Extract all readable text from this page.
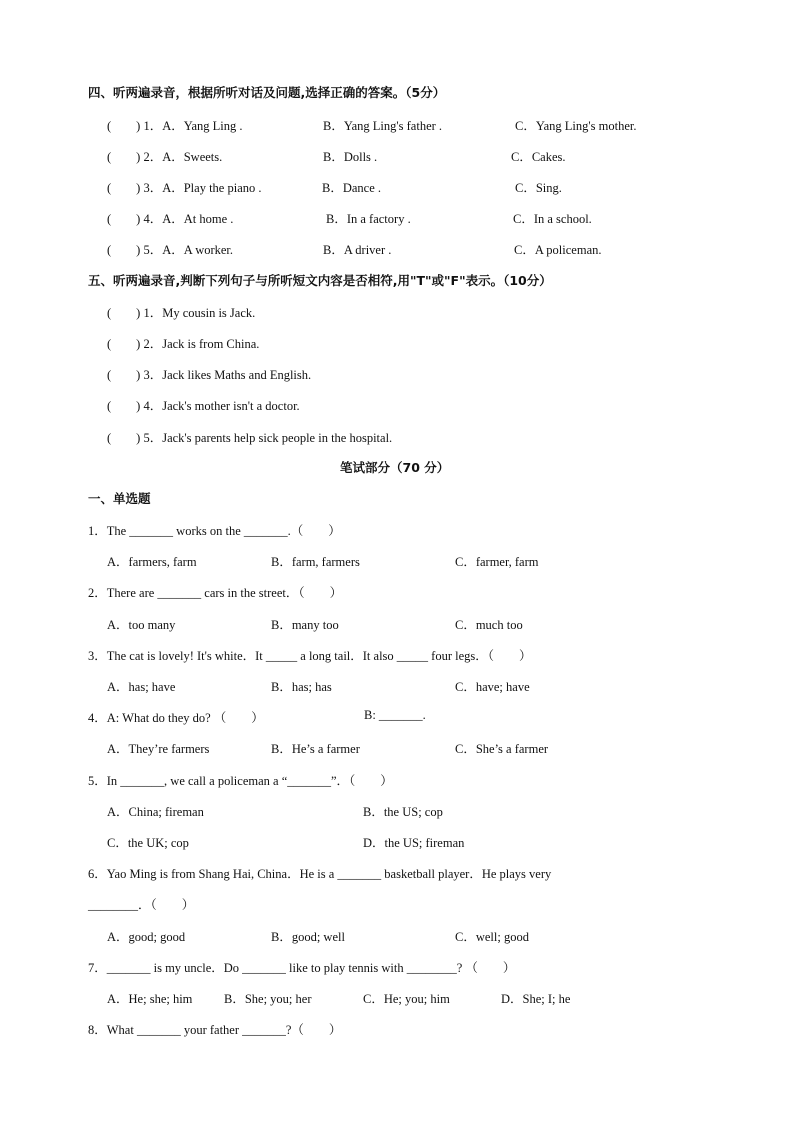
四、听两遍录音，根据所听对话及问题,选择正确的答案。（5分）
(　　) 1．A．Yang Ling .	B．Yang Ling's father .	C．Yang Ling's mother.
(　　) 2．A．Sweets.	B．Dolls .	C．Cakes.
(　　) 3．A．Play the piano .	B．Dance .	C．Sing.
(　　) 4．A．At home .	B．In a factory .	C．In a school.
(　　) 5．A．A worker.	B．A driver .	C．A policeman.
五、听两遍录音,判断下列句子与所听短文内容是否相符,用"T"或"F"表示。（10分）
(　　) 1．My cousin is Jack.
(　　) 2．Jack is from China.
(　　) 3．Jack likes Maths and English.
(　　) 4．Jack's mother isn't a doctor.
(　　) 5．Jack's parents help sick people in the hospital.
笔试部分（70 分）
一、单选题
1．The _______ works on the _______.（　　）
A．farmers, farm	B．farm, farmers	C．farmer, farm
2．There are _______ cars in the street．（　　）
A．too many	B．many too	C．much too
3．The cat is lovely! It's white．It _____ a long tail．It also _____ four legs．（　　）
A．has; have	B．has; has	C．have; have
4．A: What do they do? （　　）	B: _______.
A．They’re farmers	B．He’s a farmer	C．She’s a farmer
5．In _______, we call a policeman a “_______”．（　　）
A．China; fireman	B．the US; cop
C．the UK; cop	D．the US; fireman
6．Yao Ming is from Shang Hai, China．He is a _______ basketball player．He plays very
________．（　　）
A．good; good	B．good; well	C．well; good
7．_______ is my uncle．Do _______ like to play tennis with ________? （　　）
A．He; she; him	B．She; you; her	C．He; you; him	D．She; I; he
8．What _______ your father _______?（　　）
